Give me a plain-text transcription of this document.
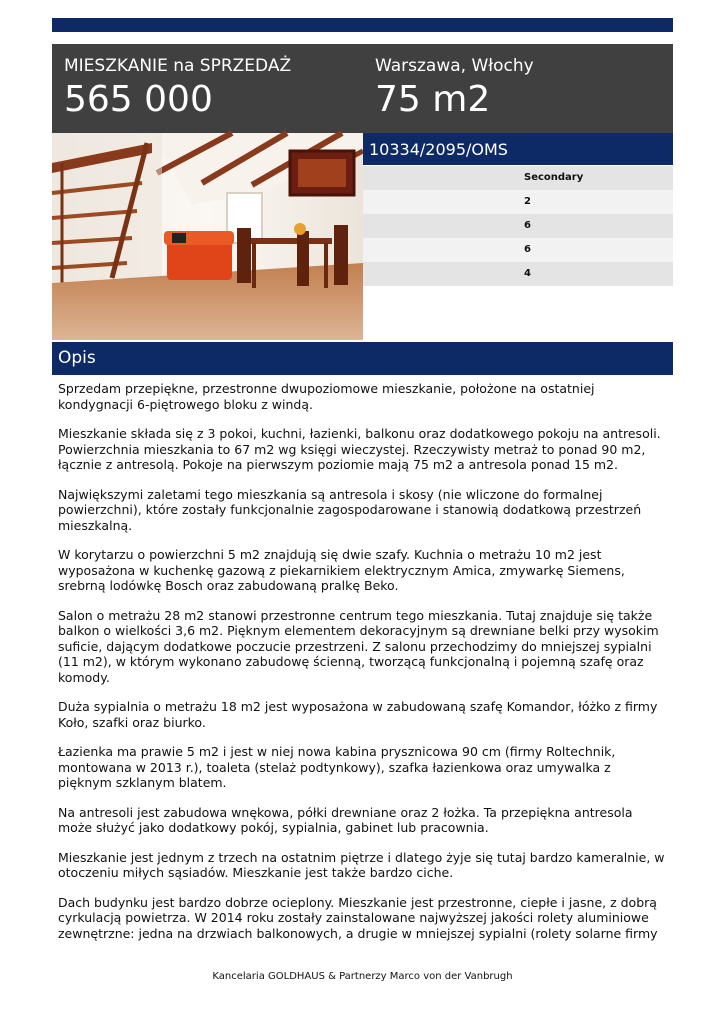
MIESZKANIE na SPRZEDAŻ
565 000
Warszawa, Włochy
75 m2
10334/2095/OMS
Secondary
2
6
6
4
Opis

Sprzedam przepiękne, przestronne dwupoziomowe mieszkanie, położone na ostatniej kondygnacji 6-piętrowego bloku z windą.

Mieszkanie składa się z 3 pokoi, kuchni, łazienki, balkonu oraz dodatkowego pokoju na antresoli. Powierzchnia mieszkania to 67 m2 wg księgi wieczystej. Rzeczywisty metraż to ponad 90 m2, łącznie z antresolą. Pokoje na pierwszym poziomie mają 75 m2 a antresola ponad 15 m2.

Największymi zaletami tego mieszkania są antresola i skosy (nie wliczone do formalnej powierzchni), które zostały funkcjonalnie zagospodarowane i stanowią dodatkową przestrzeń mieszkalną.

W korytarzu o powierzchni 5 m2 znajdują się dwie szafy. Kuchnia o metrażu 10 m2 jest wyposażona w kuchenkę gazową z piekarnikiem elektrycznym Amica, zmywarkę Siemens, srebrną lodówkę Bosch oraz zabudowaną pralkę Beko.

Salon o metrażu 28 m2 stanowi przestronne centrum tego mieszkania. Tutaj znajduje się także balkon o wielkości 3,6 m2. Pięknym elementem dekoracyjnym są drewniane belki przy wysokim suficie, dającym dodatkowe poczucie przestrzeni. Z salonu przechodzimy do mniejszej sypialni (11 m2), w którym wykonano zabudowę ścienną, tworzącą funkcjonalną i pojemną szafę oraz komody.

Duża sypialnia o metrażu 18 m2 jest wyposażona w zabudowaną szafę Komandor, łóżko z firmy Koło, szafki oraz biurko.

Łazienka ma prawie 5 m2 i jest w niej nowa kabina prysznicowa 90 cm (firmy Roltechnik, montowana w 2013 r.), toaleta (stelaż podtynkowy), szafka łazienkowa oraz umywalka z pięknym szklanym blatem.

Na antresoli jest zabudowa wnękowa, półki drewniane oraz 2 łożka. Ta przepiękna antresola może służyć jako dodatkowy pokój, sypialnia, gabinet lub pracownia.

Mieszkanie jest jednym z trzech na ostatnim piętrze i dlatego żyje się tutaj bardzo kameralnie, w otoczeniu miłych sąsiadów. Mieszkanie jest także bardzo ciche.

Dach budynku jest bardzo dobrze ocieplony. Mieszkanie jest przestronne, ciepłe i jasne, z dobrą cyrkulacją powietrza. W 2014 roku zostały zainstalowane najwyższej jakości rolety aluminiowe zewnętrzne: jedna na drzwiach balkonowych, a drugie w mniejszej sypialni (rolety solarne firmy

Kancelaria GOLDHAUS & Partnerzy Marco von der Vanbrugh
